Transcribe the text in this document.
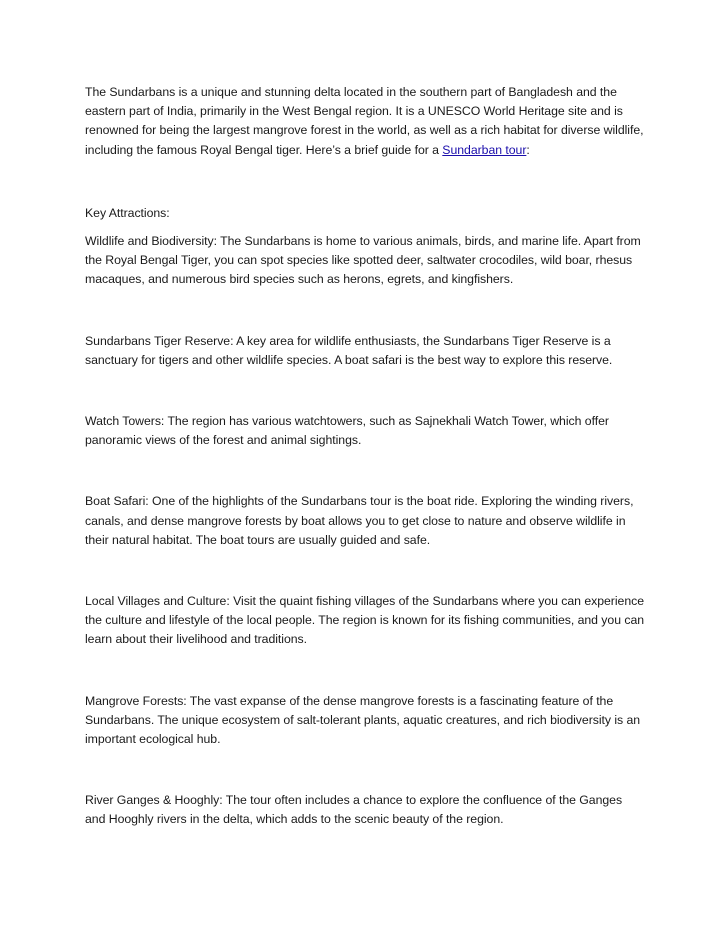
The Sundarbans is a unique and stunning delta located in the southern part of Bangladesh and the eastern part of India, primarily in the West Bengal region. It is a UNESCO World Heritage site and is renowned for being the largest mangrove forest in the world, as well as a rich habitat for diverse wildlife, including the famous Royal Bengal tiger. Here’s a brief guide for a Sundarban tour:

Key Attractions:

Wildlife and Biodiversity: The Sundarbans is home to various animals, birds, and marine life. Apart from the Royal Bengal Tiger, you can spot species like spotted deer, saltwater crocodiles, wild boar, rhesus macaques, and numerous bird species such as herons, egrets, and kingfishers.

Sundarbans Tiger Reserve: A key area for wildlife enthusiasts, the Sundarbans Tiger Reserve is a sanctuary for tigers and other wildlife species. A boat safari is the best way to explore this reserve.

Watch Towers: The region has various watchtowers, such as Sajnekhali Watch Tower, which offer panoramic views of the forest and animal sightings.

Boat Safari: One of the highlights of the Sundarbans tour is the boat ride. Exploring the winding rivers, canals, and dense mangrove forests by boat allows you to get close to nature and observe wildlife in their natural habitat. The boat tours are usually guided and safe.

Local Villages and Culture: Visit the quaint fishing villages of the Sundarbans where you can experience the culture and lifestyle of the local people. The region is known for its fishing communities, and you can learn about their livelihood and traditions.

Mangrove Forests: The vast expanse of the dense mangrove forests is a fascinating feature of the Sundarbans. The unique ecosystem of salt-tolerant plants, aquatic creatures, and rich biodiversity is an important ecological hub.

River Ganges & Hooghly: The tour often includes a chance to explore the confluence of the Ganges and Hooghly rivers in the delta, which adds to the scenic beauty of the region.
